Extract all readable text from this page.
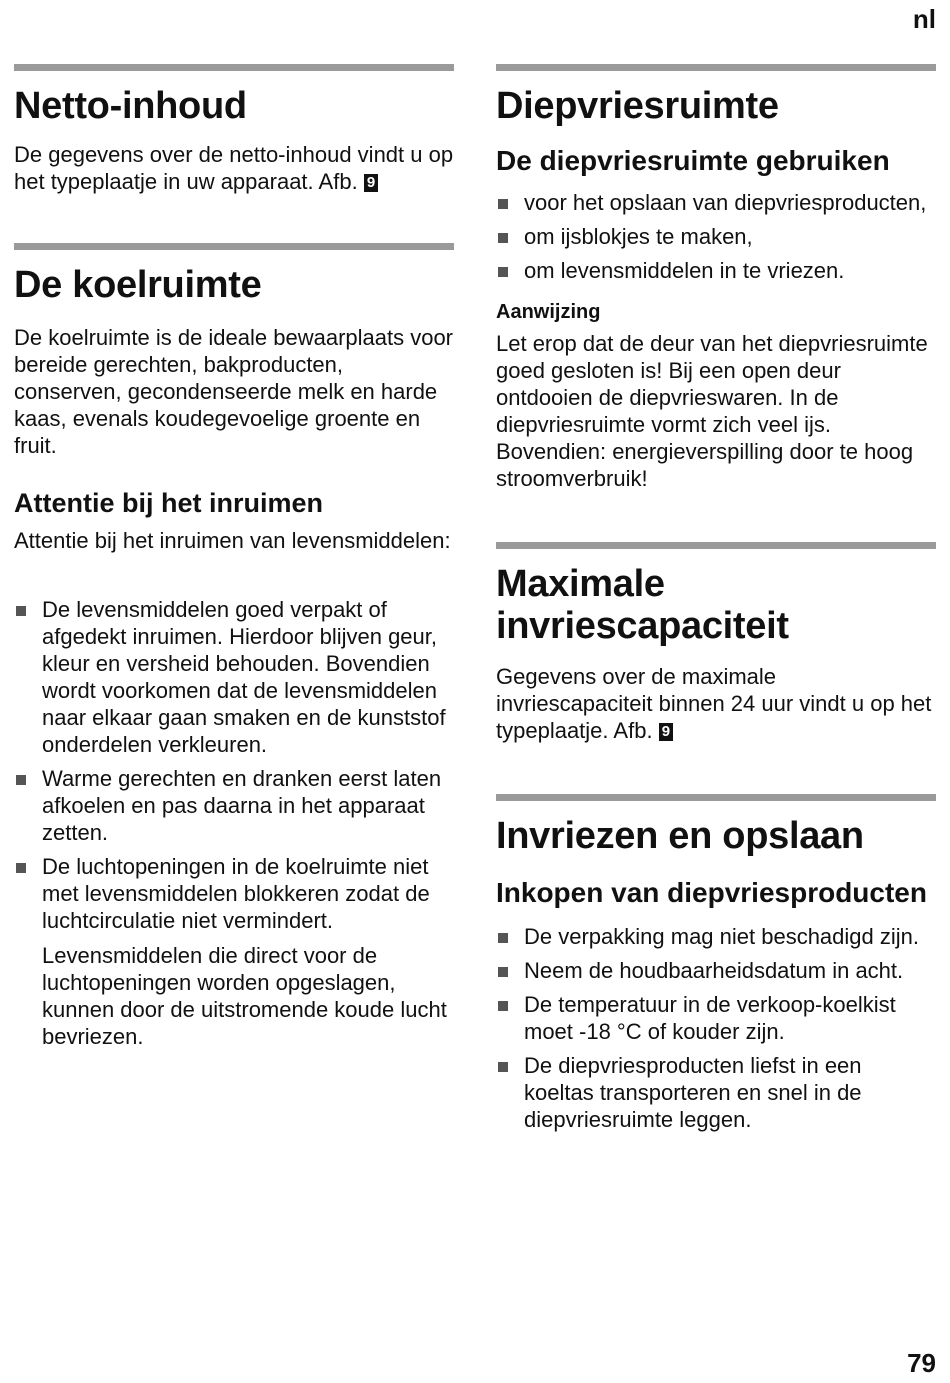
nl
Netto-inhoud

De gegevens over de netto-inhoud vindt u op het typeplaatje in uw apparaat. Afb. 9

De koelruimte

De koelruimte is de ideale bewaarplaats voor bereide gerechten, bakproducten, conserven, gecondenseerde melk en harde kaas, evenals koudegevoelige groente en fruit.

Attentie bij het inruimen

Attentie bij het inruimen van levensmiddelen:

De levensmiddelen goed verpakt of afgedekt inruimen. Hierdoor blijven geur, kleur en versheid behouden. Bovendien wordt voorkomen dat de levensmiddelen naar elkaar gaan smaken en de kunststof onderdelen verkleuren.
Warme gerechten en dranken eerst laten afkoelen en pas daarna in het apparaat zetten.
De luchtopeningen in de koelruimte niet met levensmiddelen blokkeren zodat de luchtcirculatie niet vermindert.

Levensmiddelen die direct voor de luchtopeningen worden opgeslagen, kunnen door de uitstromende koude lucht bevriezen.

Diepvriesruimte
De diepvriesruimte gebruiken
voor het opslaan van diepvriesproducten,
om ijsblokjes te maken,
om levensmiddelen in te vriezen.
Aanwijzing

Let erop dat de deur van het diepvriesruimte goed gesloten is! Bij een open deur ontdooien de diepvrieswaren. In de diepvriesruimte vormt zich veel ijs. Bovendien: energieverspilling door te hoog stroomverbruik!

Maximale invriescapaciteit

Gegevens over de maximale invriescapaciteit binnen 24 uur vindt u op het typeplaatje. Afb. 9

Invriezen en opslaan
Inkopen van diepvriesproducten
De verpakking mag niet beschadigd zijn.
Neem de houdbaarheidsdatum in acht.
De temperatuur in de verkoop-koelkist moet -18 °C of kouder zijn.
De diepvriesproducten liefst in een koeltas transporteren en snel in de diepvriesruimte leggen.
79
